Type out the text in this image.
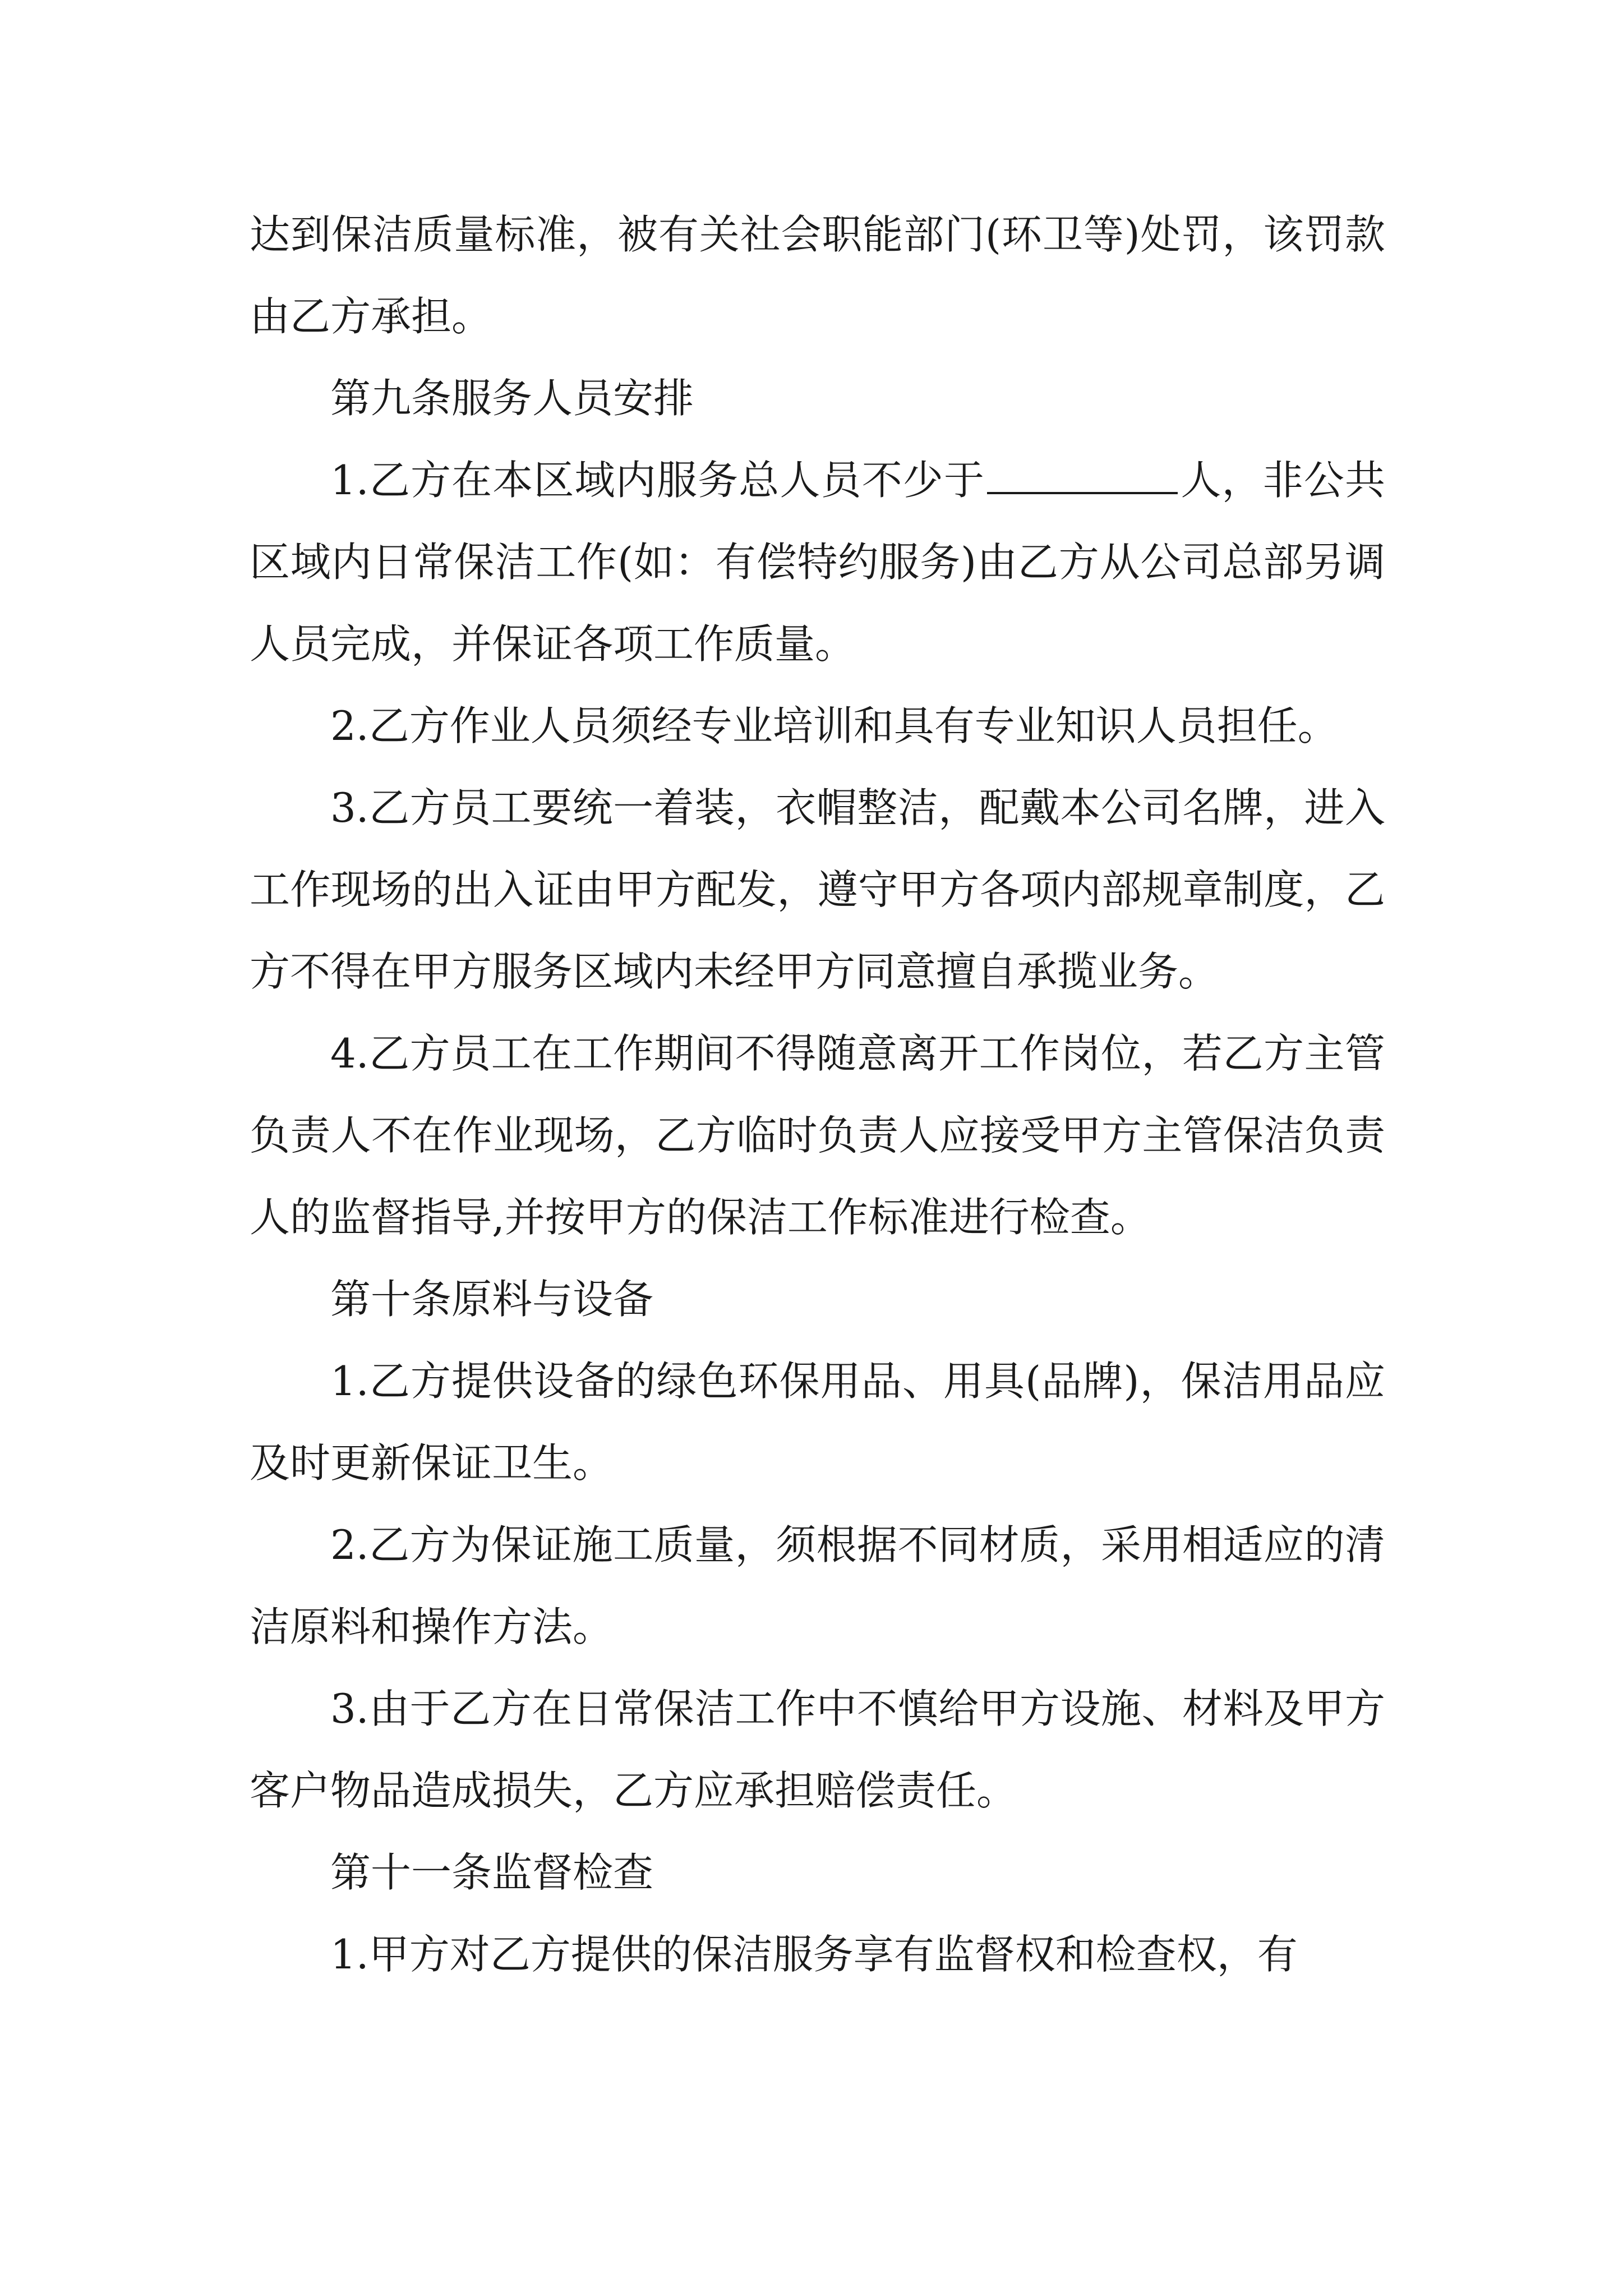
达到保洁质量标准，被有关社会职能部门(环卫等)处罚，该罚款由乙方承担。

第九条服务人员安排

1.乙方在本区域内服务总人员不少于	人，非公共区域内日常保洁工作(如：有偿特约服务)由乙方从公司总部另调人员完成，并保证各项工作质量。

2.乙方作业人员须经专业培训和具有专业知识人员担任。

3.乙方员工要统一着装，衣帽整洁，配戴本公司名牌，进入工作现场的出入证由甲方配发，遵守甲方各项内部规章制度，乙方不得在甲方服务区域内未经甲方同意擅自承揽业务。

4.乙方员工在工作期间不得随意离开工作岗位，若乙方主管负责人不在作业现场，乙方临时负责人应接受甲方主管保洁负责人的监督指导,并按甲方的保洁工作标准进行检查。

第十条原料与设备

1.乙方提供设备的绿色环保用品、用具(品牌)，保洁用品应及时更新保证卫生。

2.乙方为保证施工质量，须根据不同材质，采用相适应的清洁原料和操作方法。

3.由于乙方在日常保洁工作中不慎给甲方设施、材料及甲方客户物品造成损失，乙方应承担赔偿责任。

第十一条监督检查

1.甲方对乙方提供的保洁服务享有监督权和检查权，有
